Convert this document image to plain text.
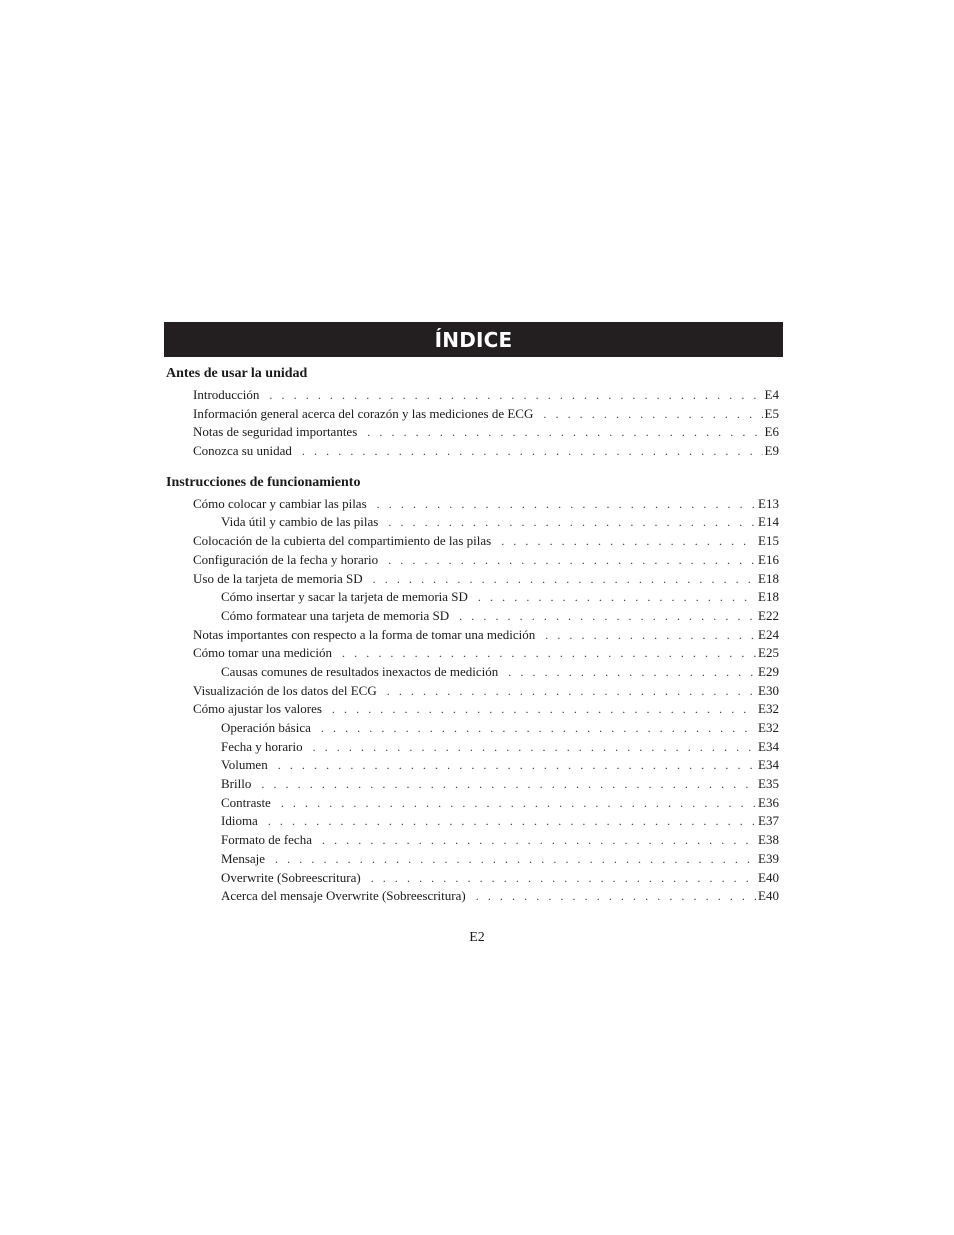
ÍNDICE
Antes de usar la unidad
Introducción . . .	E4
Información general acerca del corazón y las mediciones de ECG . . .	E5
Notas de seguridad importantes . . .	E6
Conozca su unidad . . .	E9
Instrucciones de funcionamiento
Cómo colocar y cambiar las pilas . . .	E13
Vida útil y cambio de las pilas . . .	E14
Colocación de la cubierta del compartimiento de las pilas . . .	E15
Configuración de la fecha y horario . . .	E16
Uso de la tarjeta de memoria SD . . .	E18
Cómo insertar y sacar la tarjeta de memoria SD . . .	E18
Cómo formatear una tarjeta de memoria SD . . .	E22
Notas importantes con respecto a la forma de tomar una medición . . .	E24
Cómo tomar una medición . . .	E25
Causas comunes de resultados inexactos de medición . . .	E29
Visualización de los datos del ECG . . .	E30
Cómo ajustar los valores . . .	E32
Operación básica . . .	E32
Fecha y horario . . .	E34
Volumen . . .	E34
Brillo . . .	E35
Contraste . . .	E36
Idioma . . .	E37
Formato de fecha . . .	E38
Mensaje . . .	E39
Overwrite (Sobreescritura) . . .	E40
Acerca del mensaje Overwrite (Sobreescritura) . . .	E40
E2
